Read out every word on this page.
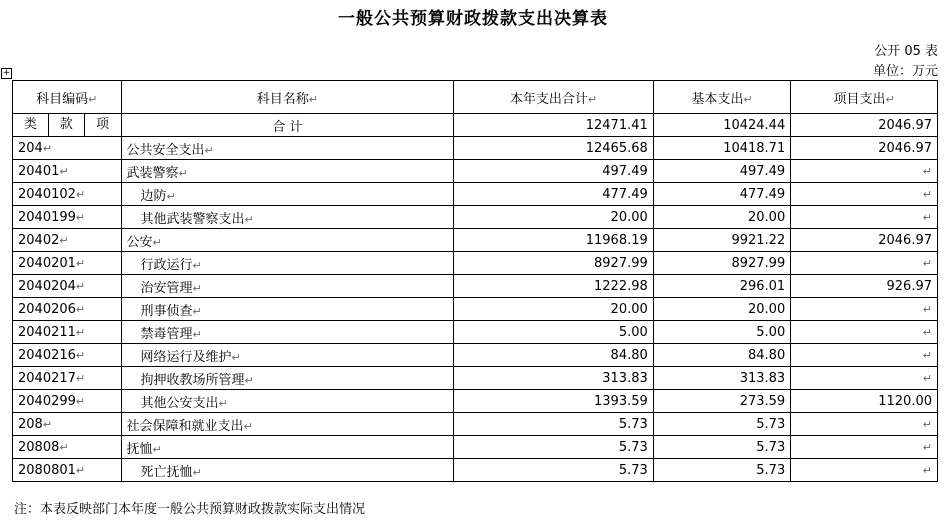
一般公共预算财政拨款支出决算表
公开 05 表
单位：万元
+
科目编码↵	科目名称↵	本年支出合计↵	基本支出↵	项目支出↵

类 款 项	合 计	12471.41	10424.44	2046.97
204↵	公共安全支出↵	12465.68	10418.71	2046.97
20401↵	武装警察↵	497.49	497.49	↵
2040102↵	边防↵	477.49	477.49	↵
2040199↵	其他武装警察支出↵	20.00	20.00	↵
20402↵	公安↵	11968.19	9921.22	2046.97
2040201↵	行政运行↵	8927.99	8927.99	↵
2040204↵	治安管理↵	1222.98	296.01	926.97
2040206↵	刑事侦查↵	20.00	20.00	↵
2040211↵	禁毒管理↵	5.00	5.00	↵
2040216↵	网络运行及维护↵	84.80	84.80	↵
2040217↵	拘押收教场所管理↵	313.83	313.83	↵
2040299↵	其他公安支出↵	1393.59	273.59	1120.00
208↵	社会保障和就业支出↵	5.73	5.73	↵
20808↵	抚恤↵	5.73	5.73	↵
2080801↵	死亡抚恤↵	5.73	5.73	↵
注：本表反映部门本年度一般公共预算财政拨款实际支出情况
